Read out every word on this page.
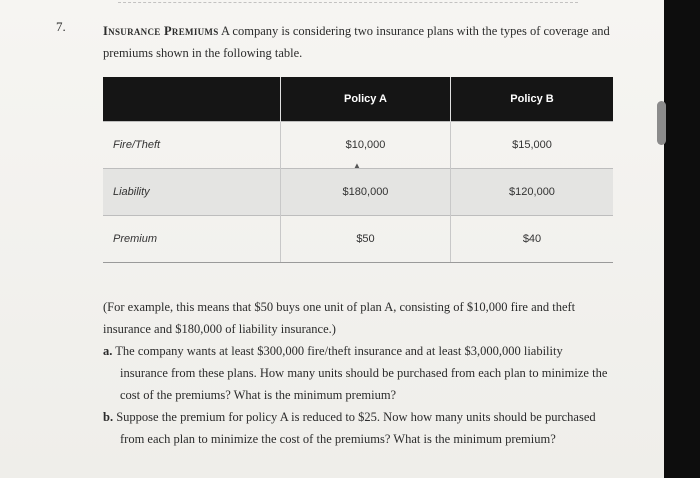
7.	Insurance Premiums A company is considering two insurance plans with the types of coverage and premiums shown in the following table.
	Policy A	Policy B
Fire/Theft	$10,000	$15,000
Liability	$180,000	$120,000
Premium	$50	$40
▲

(For example, this means that $50 buys one unit of plan A, consisting of $10,000 fire and theft insurance and $180,000 of liability insurance.)

a. The company wants at least $300,000 fire/theft insurance and at least $3,000,000 liability insurance from these plans. How many units should be purchased from each plan to minimize the cost of the premiums? What is the minimum premium?

b. Suppose the premium for policy A is reduced to $25. Now how many units should be purchased from each plan to minimize the cost of the premiums? What is the minimum premium?
